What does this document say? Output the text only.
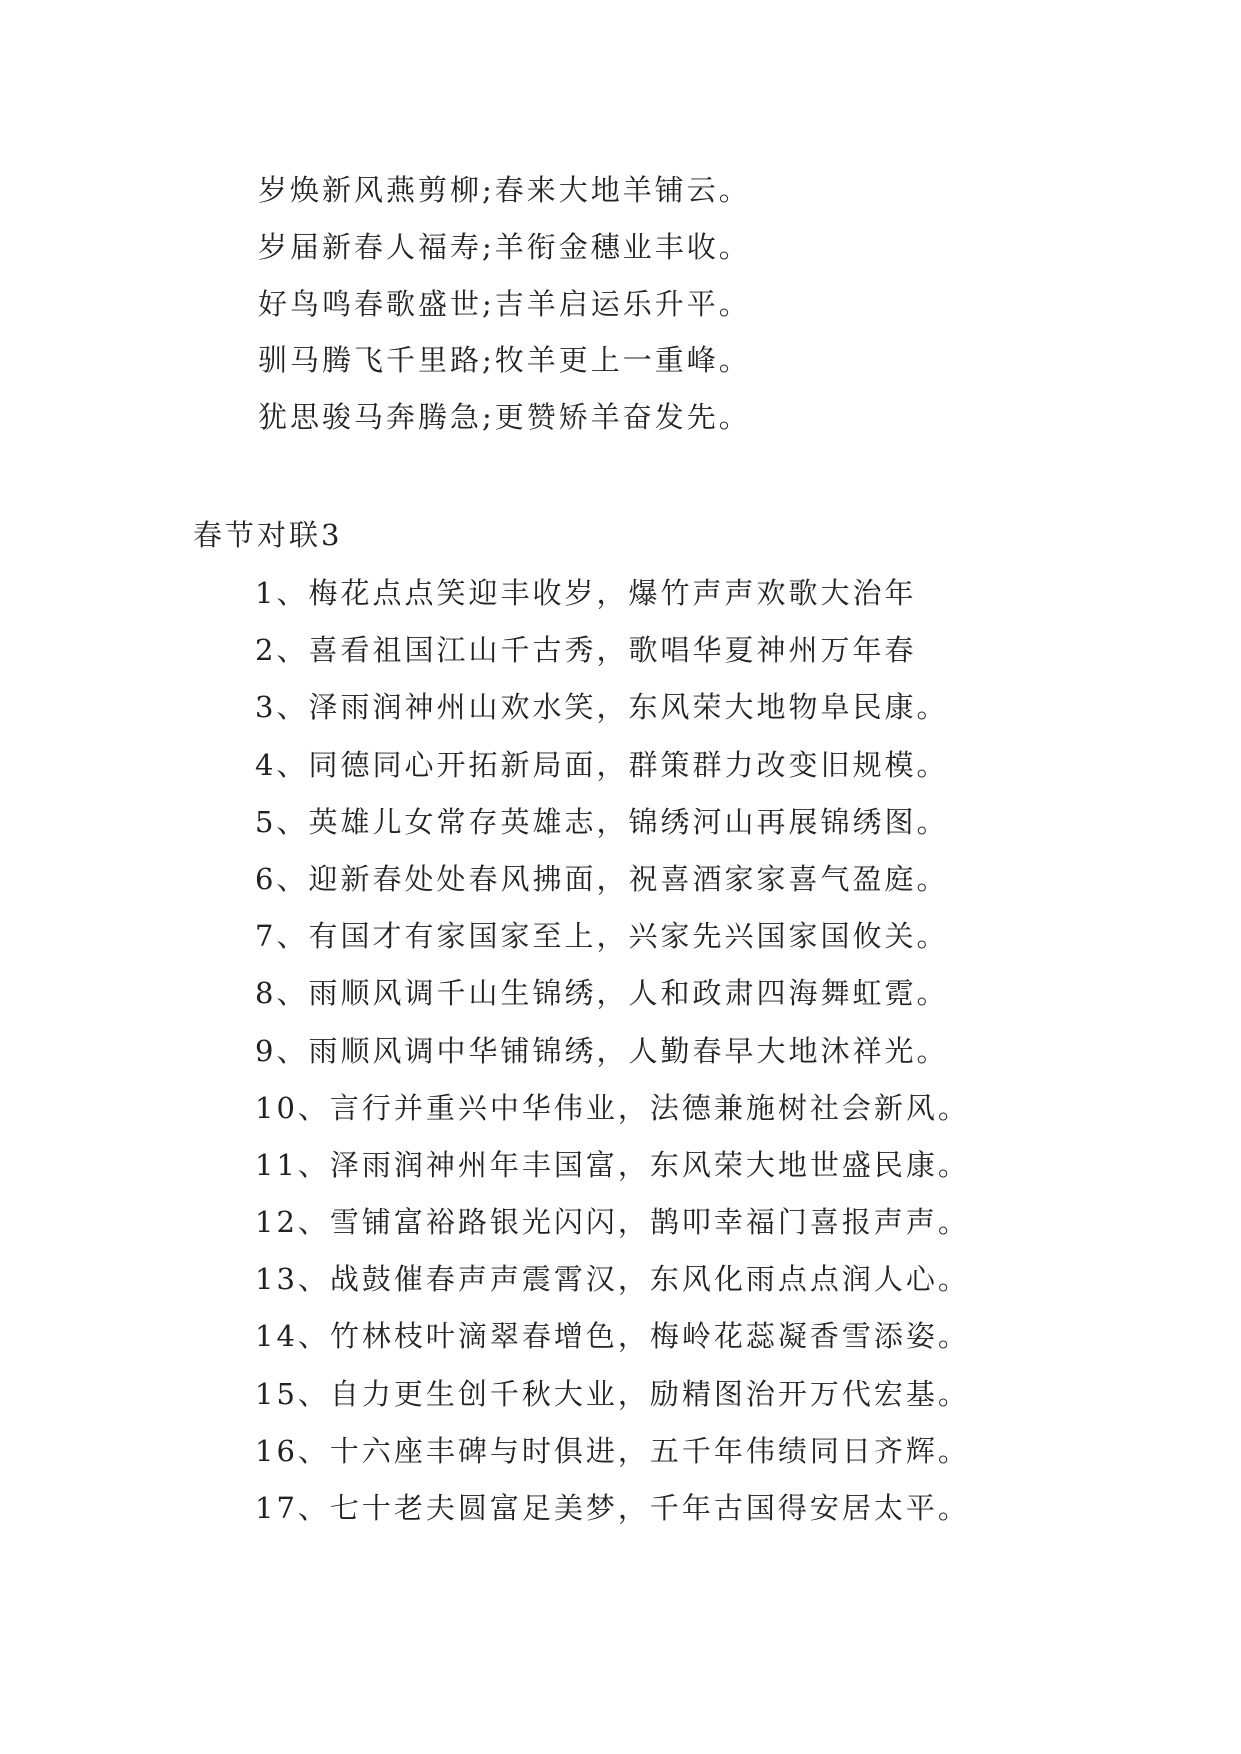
岁焕新风燕剪柳;春来大地羊铺云。
岁届新春人福寿;羊衔金穗业丰收。
好鸟鸣春歌盛世;吉羊启运乐升平。
驯马腾飞千里路;牧羊更上一重峰。
犹思骏马奔腾急;更赞矫羊奋发先。
春节对联3
1、梅花点点笑迎丰收岁，爆竹声声欢歌大治年
2、喜看祖国江山千古秀，歌唱华夏神州万年春
3、泽雨润神州山欢水笑，东风荣大地物阜民康。
4、同德同心开拓新局面，群策群力改变旧规模。
5、英雄儿女常存英雄志，锦绣河山再展锦绣图。
6、迎新春处处春风拂面，祝喜酒家家喜气盈庭。
7、有国才有家国家至上，兴家先兴国家国攸关。
8、雨顺风调千山生锦绣，人和政肃四海舞虹霓。
9、雨顺风调中华铺锦绣，人勤春早大地沐祥光。
10、言行并重兴中华伟业，法德兼施树社会新风。
11、泽雨润神州年丰国富，东风荣大地世盛民康。
12、雪铺富裕路银光闪闪，鹊叩幸福门喜报声声。
13、战鼓催春声声震霄汉，东风化雨点点润人心。
14、竹林枝叶滴翠春增色，梅岭花蕊凝香雪添姿。
15、自力更生创千秋大业，励精图治开万代宏基。
16、十六座丰碑与时俱进，五千年伟绩同日齐辉。
17、七十老夫圆富足美梦，千年古国得安居太平。
